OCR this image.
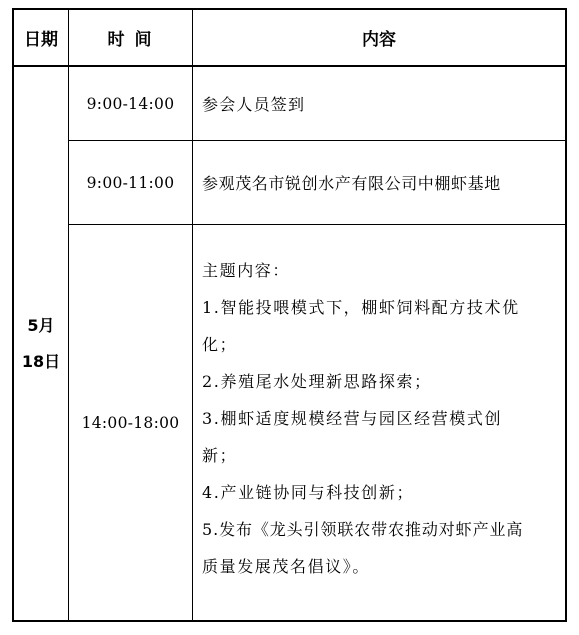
日期	时 间	内容
5月
18日
9:00-14:00 参会人员签到
9:00-11:00 参观茂名市锐创水产有限公司中棚虾基地
14:00-18:00
主题内容：
1.智能投喂模式下，棚虾饲料配方技术优
化；
2.养殖尾水处理新思路探索；
3.棚虾适度规模经营与园区经营模式创
新；
4.产业链协同与科技创新；
5.发布《龙头引领联农带农推动对虾产业高
质量发展茂名倡议》。
